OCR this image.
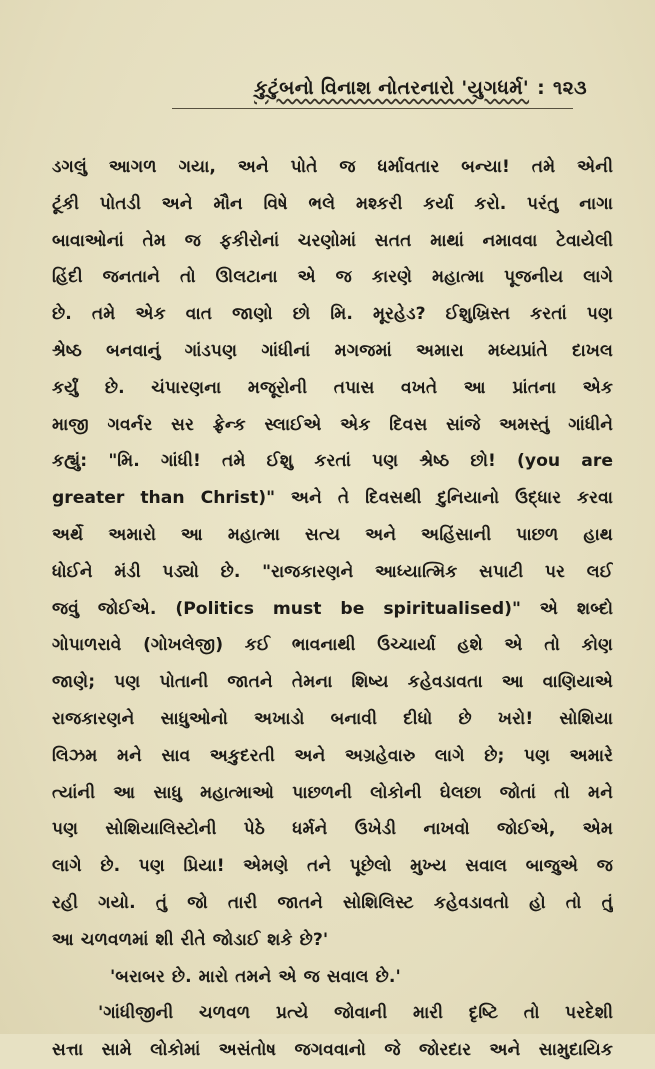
કુટુંબનો વિનાશ નોતરનારો 'યુગધર્મ' : ૧૨૩
ડગલું આગળ ગયા, અને પોતે જ ધર્માવતાર બન્યા! તમે એની
ટૂંકી પોતડી અને મૌન વિષે ભલે મશ્કરી કર્યા કરો. પરંતુ નાગા
બાવાઓનાં તેમ જ ફકીરોનાં ચરણોમાં સતત માથાં નમાવવા ટેવાયેલી
હિંદી જનતાને તો ઊલટાના એ જ કારણે મહાત્મા પૂજનીય લાગે
છે. તમે એક વાત જાણો છો મિ. મૂરહેડ? ઈશુખ્રિસ્ત કરતાં પણ
શ્રેષ્ઠ બનવાનું ગાંડપણ ગાંધીનાં મગજમાં અમારા મધ્યપ્રાંતે દાખલ
કર્યું છે. ચંપારણના મજૂરોની તપાસ વખતે આ પ્રાંતના એક
માજી ગવર્નર સર ફ્રેન્ક સ્લાઈએ એક દિવસ સાંજે અમસ્તું ગાંધીને
કહ્યું: "મિ. ગાંધી! તમે ઈશુ કરતાં પણ શ્રેષ્ઠ છો! (you are
greater than Christ)" અને તે દિવસથી દુનિયાનો ઉદ્ધાર કરવા
અર્થે અમારો આ મહાત્મા સત્ય અને અહિંસાની પાછળ હાથ
ધોઈને મંડી પડ્યો છે. "રાજકારણને આધ્યાત્મિક સપાટી પર લઈ
જવું જોઈએ. (Politics must be spiritualised)" એ શબ્દો
ગોપાળરાવે (ગોખલેજી) કઈ ભાવનાથી ઉચ્ચાર્યા હશે એ તો કોણ
જાણે; પણ પોતાની જાતને તેમના શિષ્ય કહેવડાવતા આ વાણિયાએ
રાજકારણને સાધુઓનો અખાડો બનાવી દીધો છે ખરો! સોશિયા
લિઝમ મને સાવ અકુદરતી અને અગ્રહેવારુ લાગે છે; પણ અમારે
ત્યાંની આ સાધુ મહાત્માઓ પાછળની લોકોની ઘેલછા જોતાં તો મને
પણ સોશિયાલિસ્ટોની પેઠે ધર્મને ઉખેડી નાખવો જોઈએ, એમ
લાગે છે. પણ પ્રિયા! એમણે તને પૂછેલો મુખ્ય સવાલ બાજુએ જ
રહી ગયો. તું જો તારી જાતને સોશિલિસ્ટ કહેવડાવતો હો તો તું
આ ચળવળમાં શી રીતે જોડાઈ શકે છે?'
'બરાબર છે. મારો તમને એ જ સવાલ છે.'
'ગાંધીજીની ચળવળ પ્રત્યે જોવાની મારી દૃષ્ટિ તો પરદેશી
સત્તા સામે લોકોમાં અસંતોષ જગવવાનો જે જોરદાર અને સામુદાયિક
